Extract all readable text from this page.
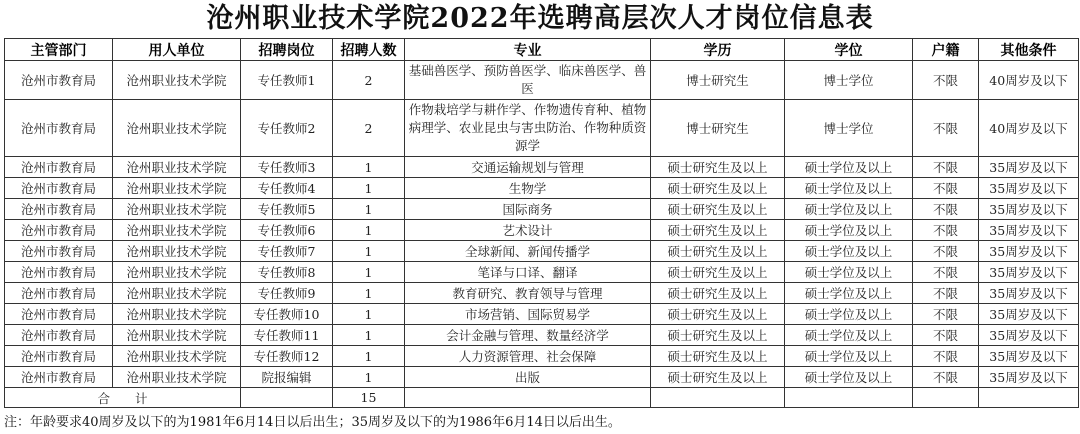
沧州职业技术学院2022年选聘高层次人才岗位信息表
主管部门	用人单位	招聘岗位	招聘人数	专业	学历	学位	户籍	其他条件
沧州市教育局	沧州职业技术学院	专任教师1	2	基础兽医学、预防兽医学、临床兽医学、兽医	博士研究生	博士学位	不限	40周岁及以下
沧州市教育局	沧州职业技术学院	专任教师2	2	作物栽培学与耕作学、作物遗传育种、植物病理学、农业昆虫与害虫防治、作物种质资源学	博士研究生	博士学位	不限	40周岁及以下
沧州市教育局	沧州职业技术学院	专任教师3	1	交通运输规划与管理	硕士研究生及以上	硕士学位及以上	不限	35周岁及以下
沧州市教育局	沧州职业技术学院	专任教师4	1	生物学	硕士研究生及以上	硕士学位及以上	不限	35周岁及以下
沧州市教育局	沧州职业技术学院	专任教师5	1	国际商务	硕士研究生及以上	硕士学位及以上	不限	35周岁及以下
沧州市教育局	沧州职业技术学院	专任教师6	1	艺术设计	硕士研究生及以上	硕士学位及以上	不限	35周岁及以下
沧州市教育局	沧州职业技术学院	专任教师7	1	全球新闻、新闻传播学	硕士研究生及以上	硕士学位及以上	不限	35周岁及以下
沧州市教育局	沧州职业技术学院	专任教师8	1	笔译与口译、翻译	硕士研究生及以上	硕士学位及以上	不限	35周岁及以下
沧州市教育局	沧州职业技术学院	专任教师9	1	教育研究、教育领导与管理	硕士研究生及以上	硕士学位及以上	不限	35周岁及以下
沧州市教育局	沧州职业技术学院	专任教师10	1	市场营销、国际贸易学	硕士研究生及以上	硕士学位及以上	不限	35周岁及以下
沧州市教育局	沧州职业技术学院	专任教师11	1	会计金融与管理、数量经济学	硕士研究生及以上	硕士学位及以上	不限	35周岁及以下
沧州市教育局	沧州职业技术学院	专任教师12	1	人力资源管理、社会保障	硕士研究生及以上	硕士学位及以上	不限	35周岁及以下
沧州市教育局	沧州职业技术学院	院报编辑	1	出版	硕士研究生及以上	硕士学位及以上	不限	35周岁及以下
合　　计			15					
注：年龄要求40周岁及以下的为1981年6月14日以后出生；35周岁及以下的为1986年6月14日以后出生。
